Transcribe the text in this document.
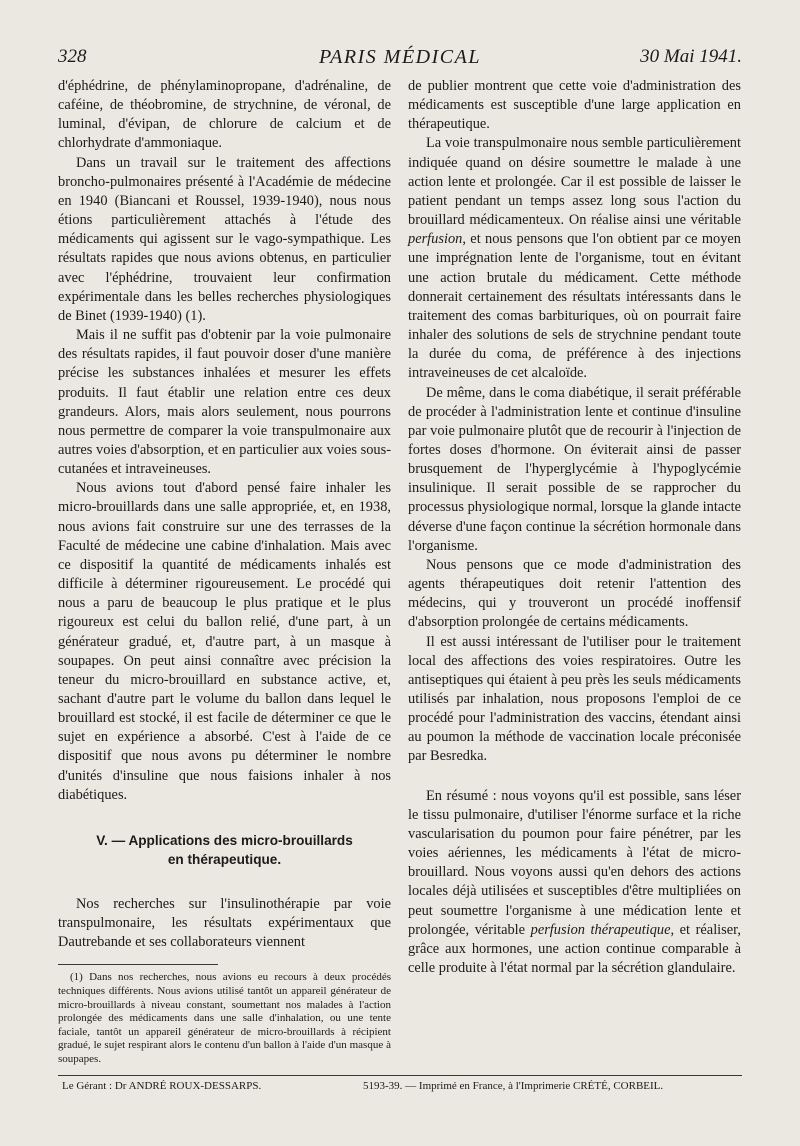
328	PARIS MÉDICAL	30 Mai 1941.

d'éphédrine, de phénylaminopropane, d'adrénaline, de caféine, de théobromine, de strychnine, de véronal, de luminal, d'évipan, de chlorure de calcium et de chlorhydrate d'ammoniaque.

Dans un travail sur le traitement des affections broncho-pulmonaires présenté à l'Académie de médecine en 1940 (Biancani et Roussel, 1939-1940), nous nous étions particulièrement attachés à l'étude des médicaments qui agissent sur le vago-sympathique. Les résultats rapides que nous avions obtenus, en particulier avec l'éphédrine, trouvaient leur confirmation expérimentale dans les belles recherches physiologiques de Binet (1939-1940) (1).

Mais il ne suffit pas d'obtenir par la voie pulmonaire des résultats rapides, il faut pouvoir doser d'une manière précise les substances inhalées et mesurer les effets produits. Il faut établir une relation entre ces deux grandeurs. Alors, mais alors seulement, nous pourrons nous permettre de comparer la voie transpulmonaire aux autres voies d'absorption, et en particulier aux voies sous-cutanées et intraveineuses.

Nous avions tout d'abord pensé faire inhaler les micro-brouillards dans une salle appropriée, et, en 1938, nous avions fait construire sur une des terrasses de la Faculté de médecine une cabine d'inhalation. Mais avec ce dispositif la quantité de médicaments inhalés est difficile à déterminer rigoureusement. Le procédé qui nous a paru de beaucoup le plus pratique et le plus rigoureux est celui du ballon relié, d'une part, à un générateur gradué, et, d'autre part, à un masque à soupapes. On peut ainsi connaître avec précision la teneur du micro-brouillard en substance active, et, sachant d'autre part le volume du ballon dans lequel le brouillard est stocké, il est facile de déterminer ce que le sujet en expérience a absorbé. C'est à l'aide de ce dispositif que nous avons pu déterminer le nombre d'unités d'insuline que nous faisions inhaler à nos diabétiques.

V. — Applications des micro-brouillards
en thérapeutique.

Nos recherches sur l'insulinothérapie par voie transpulmonaire, les résultats expérimentaux que Dautrebande et ses collaborateurs viennent

(1) Dans nos recherches, nous avions eu recours à deux procédés techniques différents. Nous avions utilisé tantôt un appareil générateur de micro-brouillards à niveau constant, soumettant nos malades à l'action prolongée des médicaments dans une salle d'inhalation, ou une tente faciale, tantôt un appareil générateur de micro-brouillards à récipient gradué, le sujet respirant alors le contenu d'un ballon à l'aide d'un masque à soupapes.

de publier montrent que cette voie d'administration des médicaments est susceptible d'une large application en thérapeutique.

La voie transpulmonaire nous semble particulièrement indiquée quand on désire soumettre le malade à une action lente et prolongée. Car il est possible de laisser le patient pendant un temps assez long sous l'action du brouillard médicamenteux. On réalise ainsi une véritable perfusion, et nous pensons que l'on obtient par ce moyen une imprégnation lente de l'organisme, tout en évitant une action brutale du médicament. Cette méthode donnerait certainement des résultats intéressants dans le traitement des comas barbituriques, où on pourrait faire inhaler des solutions de sels de strychnine pendant toute la durée du coma, de préférence à des injections intraveineuses de cet alcaloïde.

De même, dans le coma diabétique, il serait préférable de procéder à l'administration lente et continue d'insuline par voie pulmonaire plutôt que de recourir à l'injection de fortes doses d'hormone. On éviterait ainsi de passer brusquement de l'hyperglycémie à l'hypoglycémie insulinique. Il serait possible de se rapprocher du processus physiologique normal, lorsque la glande intacte déverse d'une façon continue la sécrétion hormonale dans l'organisme.

Nous pensons que ce mode d'administration des agents thérapeutiques doit retenir l'attention des médecins, qui y trouveront un procédé inoffensif d'absorption prolongée de certains médicaments.

Il est aussi intéressant de l'utiliser pour le traitement local des affections des voies respiratoires. Outre les antiseptiques qui étaient à peu près les seuls médicaments utilisés par inhalation, nous proposons l'emploi de ce procédé pour l'administration des vaccins, étendant ainsi au poumon la méthode de vaccination locale préconisée par Besredka.

En résumé : nous voyons qu'il est possible, sans léser le tissu pulmonaire, d'utiliser l'énorme surface et la riche vascularisation du poumon pour faire pénétrer, par les voies aériennes, les médicaments à l'état de micro-brouillard. Nous voyons aussi qu'en dehors des actions locales déjà utilisées et susceptibles d'être multipliées on peut soumettre l'organisme à une médication lente et prolongée, véritable perfusion thérapeutique, et réaliser, grâce aux hormones, une action continue comparable à celle produite à l'état normal par la sécrétion glandulaire.

Le Gérant : Dr ANDRÉ ROUX-DESSARPS.	5193-39. — Imprimé en France, à l'Imprimerie CRÉTÉ, CORBEIL.
